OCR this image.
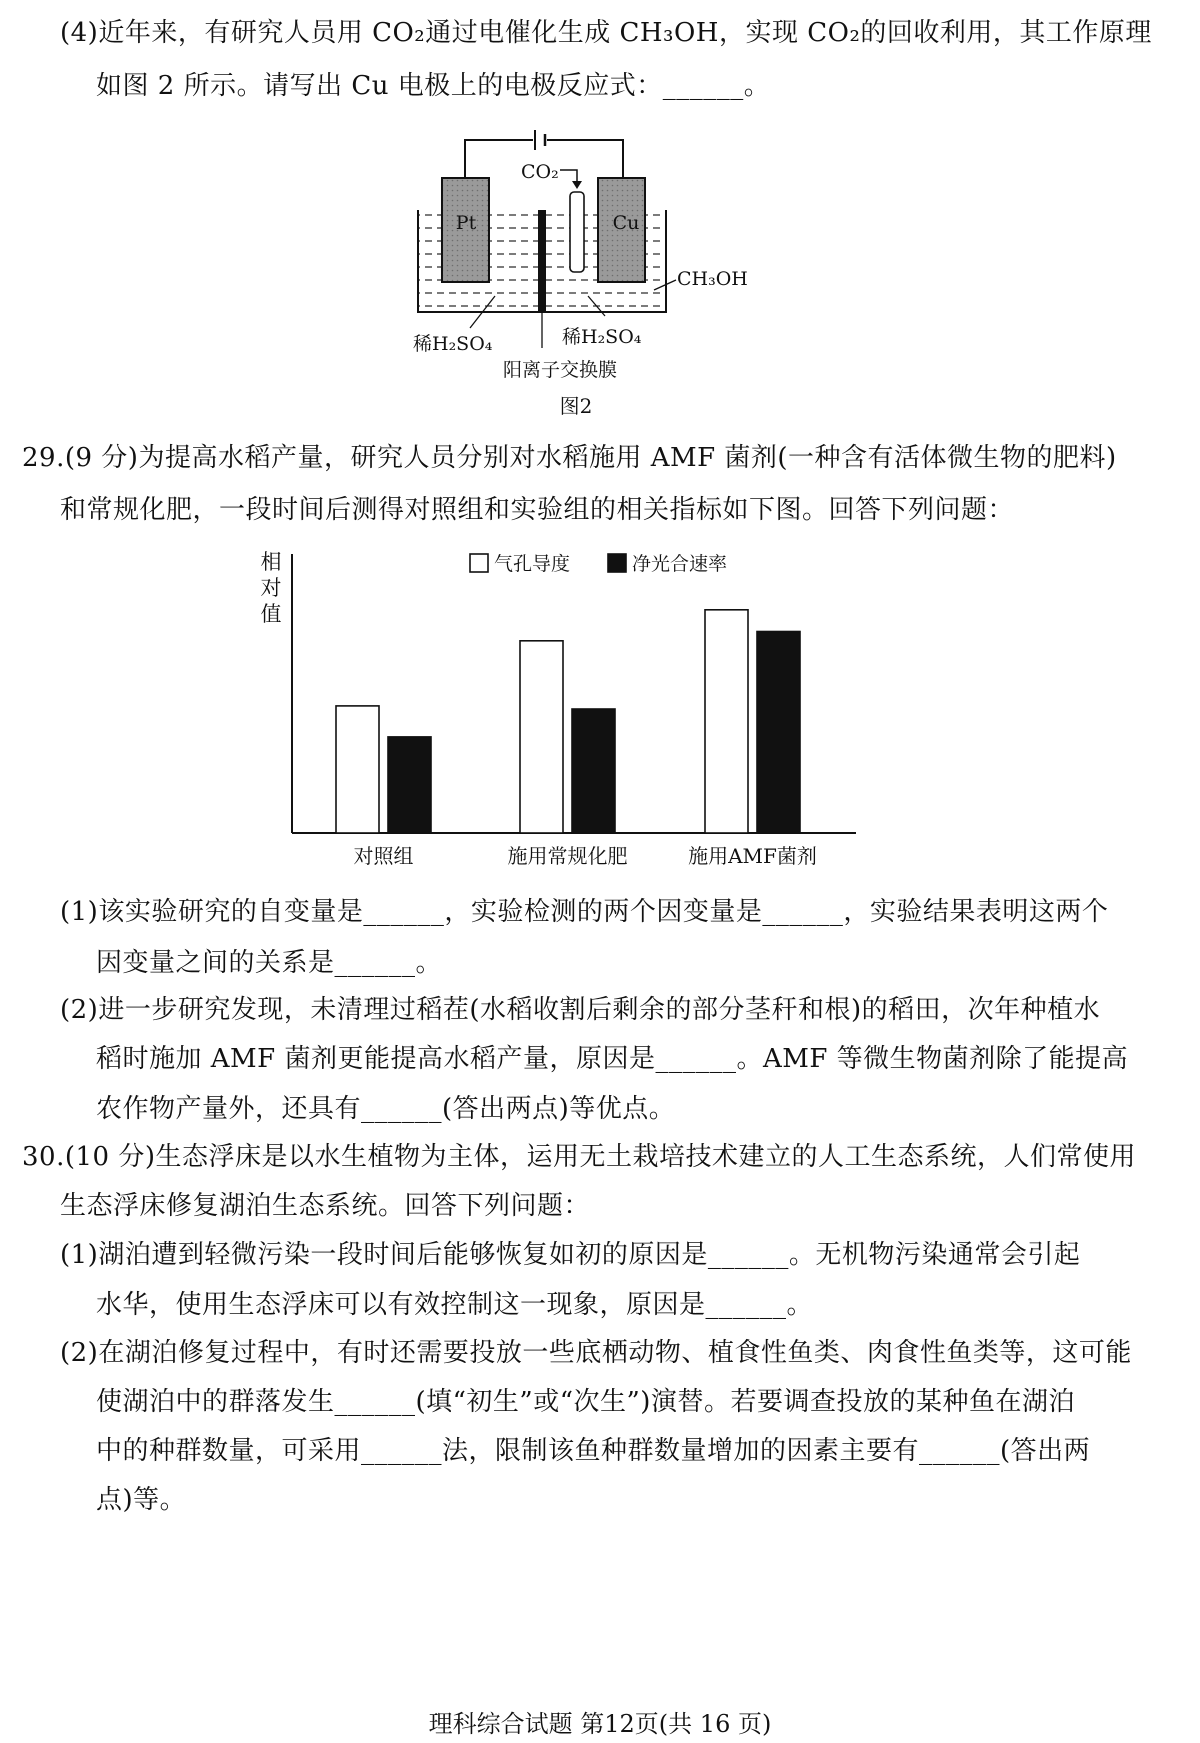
(4)近年来，有研究人员用 CO₂通过电催化生成 CH₃OH，实现 CO₂的回收利用，其工作原理
如图 2 所示。请写出 Cu 电极上的电极反应式：______。
Pt	Cu
CO₂
CH₃OH
稀H₂SO₄	稀H₂SO₄
阳离子交换膜
图2
29.(9 分)为提高水稻产量，研究人员分别对水稻施用 AMF 菌剂(一种含有活体微生物的肥料)
和常规化肥，一段时间后测得对照组和实验组的相关指标如下图。回答下列问题：
相
对
值
气孔导度	净光合速率
对照组	施用常规化肥	施用AMF菌剂
(1)该实验研究的自变量是______，实验检测的两个因变量是______，实验结果表明这两个
因变量之间的关系是______。
(2)进一步研究发现，未清理过稻茬(水稻收割后剩余的部分茎秆和根)的稻田，次年种植水
稻时施加 AMF 菌剂更能提高水稻产量，原因是______。AMF 等微生物菌剂除了能提高
农作物产量外，还具有______(答出两点)等优点。
30.(10 分)生态浮床是以水生植物为主体，运用无土栽培技术建立的人工生态系统，人们常使用
生态浮床修复湖泊生态系统。回答下列问题：
(1)湖泊遭到轻微污染一段时间后能够恢复如初的原因是______。无机物污染通常会引起
水华，使用生态浮床可以有效控制这一现象，原因是______。
(2)在湖泊修复过程中，有时还需要投放一些底栖动物、植食性鱼类、肉食性鱼类等，这可能
使湖泊中的群落发生______(填“初生”或“次生”)演替。若要调查投放的某种鱼在湖泊
中的种群数量，可采用______法，限制该鱼种群数量增加的因素主要有______(答出两
点)等。
理科综合试题 第12页(共 16 页)
